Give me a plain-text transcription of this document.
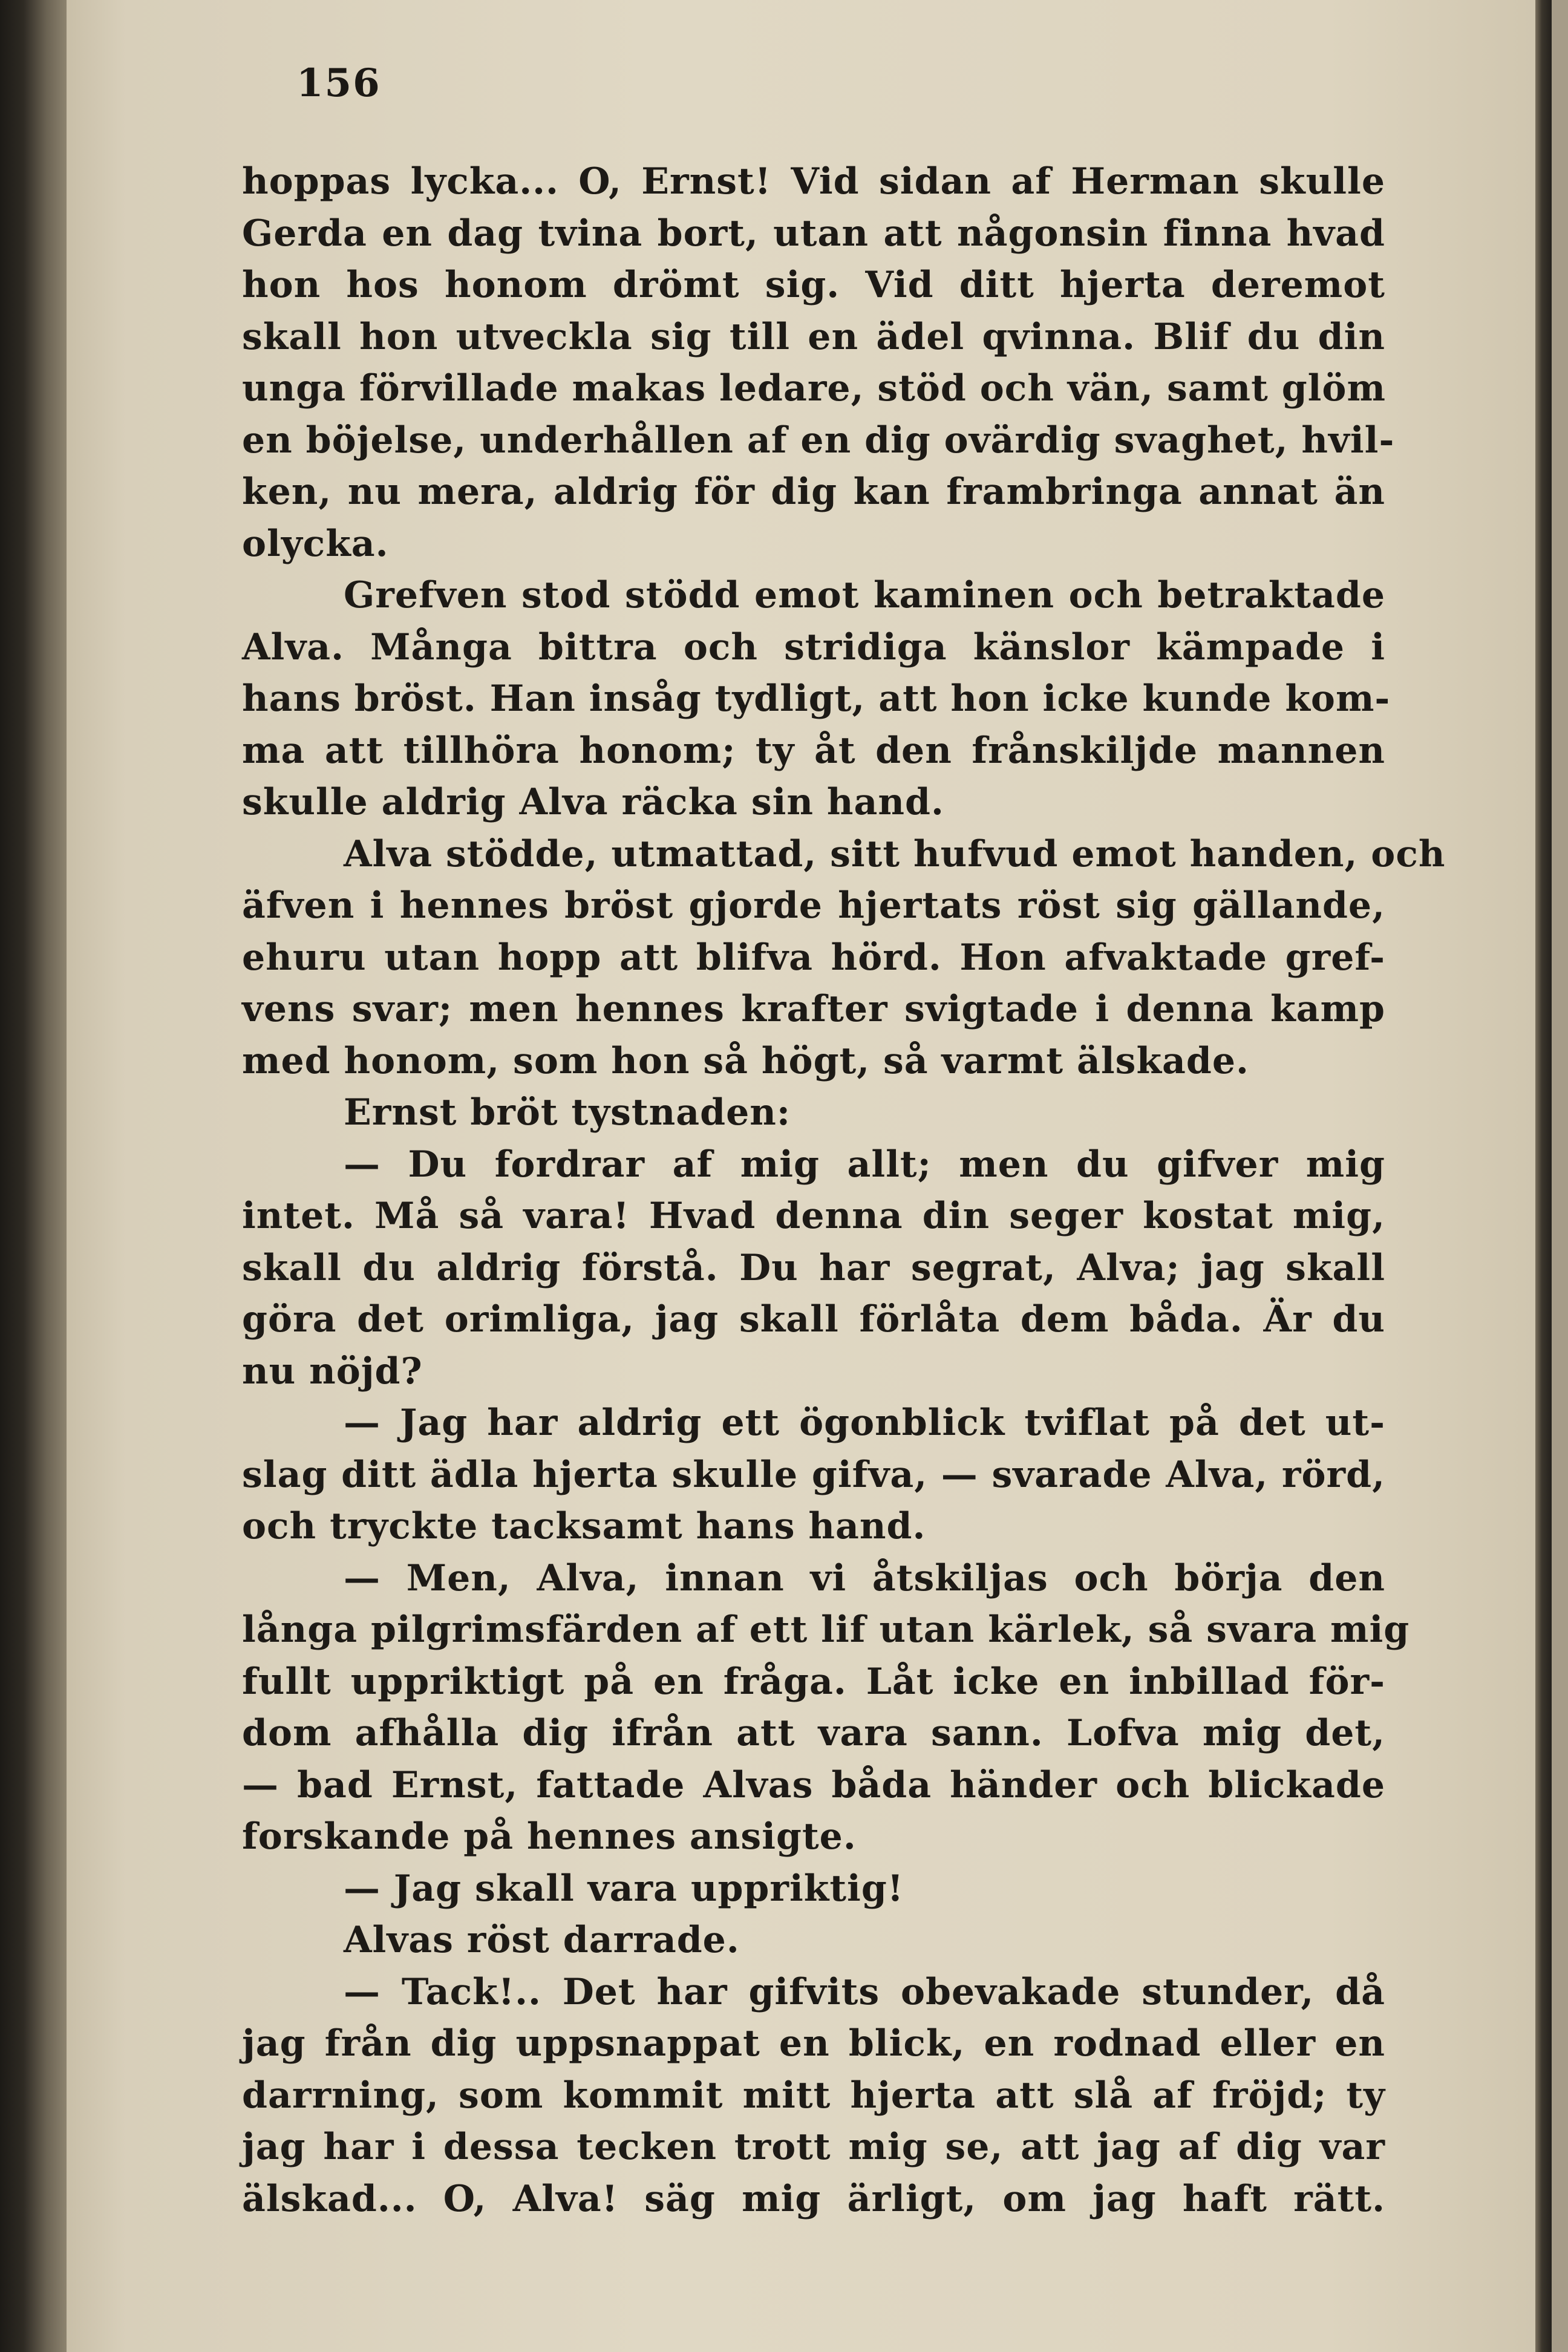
156
hoppas lycka... O, Ernst! Vid sidan af Herman skulle
Gerda en dag tvina bort, utan att någonsin finna hvad
hon hos honom drömt sig. Vid ditt hjerta deremot
skall hon utveckla sig till en ädel qvinna. Blif du din
unga förvillade makas ledare, stöd och vän, samt glöm
en böjelse, underhållen af en dig ovärdig svaghet, hvil-
ken, nu mera, aldrig för dig kan frambringa annat än
olycka.
Grefven stod stödd emot kaminen och betraktade
Alva. Många bittra och stridiga känslor kämpade i
hans bröst. Han insåg tydligt, att hon icke kunde kom-
ma att tillhöra honom; ty åt den frånskiljde mannen
skulle aldrig Alva räcka sin hand.
Alva stödde, utmattad, sitt hufvud emot handen, och
äfven i hennes bröst gjorde hjertats röst sig gällande,
ehuru utan hopp att blifva hörd. Hon afvaktade gref-
vens svar; men hennes krafter svigtade i denna kamp
med honom, som hon så högt, så varmt älskade.
Ernst bröt tystnaden:
— Du fordrar af mig allt; men du gifver mig
intet. Må så vara! Hvad denna din seger kostat mig,
skall du aldrig förstå. Du har segrat, Alva; jag skall
göra det orimliga, jag skall förlåta dem båda. Är du
nu nöjd?
— Jag har aldrig ett ögonblick tviflat på det ut-
slag ditt ädla hjerta skulle gifva, — svarade Alva, rörd,
och tryckte tacksamt hans hand.
— Men, Alva, innan vi åtskiljas och börja den
långa pilgrimsfärden af ett lif utan kärlek, så svara mig
fullt uppriktigt på en fråga. Låt icke en inbillad för-
dom afhålla dig ifrån att vara sann. Lofva mig det,
— bad Ernst, fattade Alvas båda händer och blickade
forskande på hennes ansigte.
— Jag skall vara uppriktig!
Alvas röst darrade.
— Tack!.. Det har gifvits obevakade stunder, då
jag från dig uppsnappat en blick, en rodnad eller en
darrning, som kommit mitt hjerta att slå af fröjd; ty
jag har i dessa tecken trott mig se, att jag af dig var
älskad... O, Alva! säg mig ärligt, om jag haft rätt.
